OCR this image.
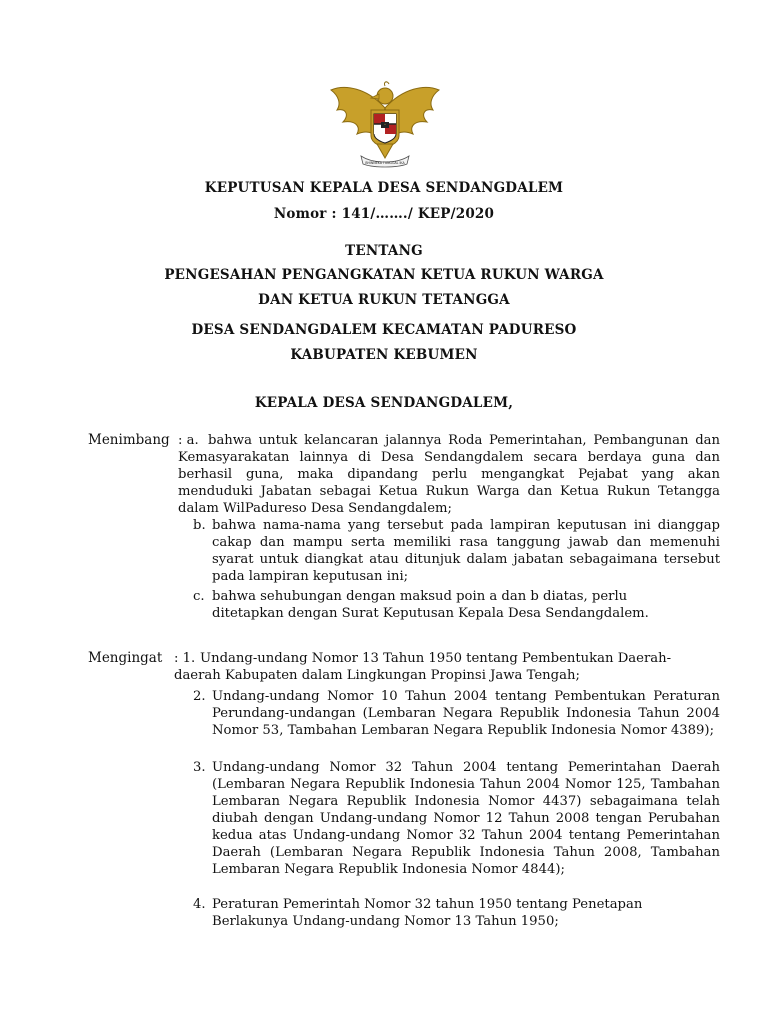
BHINNEKA TUNGGAL IKA
KEPUTUSAN KEPALA DESA SENDANGDALEM
Nomor : 141/……./ KEP/2020
TENTANG
PENGESAHAN PENGANGKATAN KETUA RUKUN WARGA
DAN KETUA RUKUN TETANGGA
DESA SENDANGDALEM KECAMATAN PADURESO
KABUPATEN KEBUMEN
KEPALA DESA SENDANGDALEM,
Menimbang : a. bahwa untuk kelancaran jalannya Roda Pemerintahan, Pembangunan dan Kemasyarakatan lainnya di Desa Sendangdalem secara berdaya guna dan berhasil guna, maka dipandang perlu mengangkat Pejabat yang akan menduduki Jabatan sebagai Ketua Rukun Warga dan Ketua Rukun Tetangga dalam WilPadureso Desa Sendangdalem;
b. bahwa nama-nama yang tersebut pada lampiran keputusan ini dianggap cakap dan mampu serta memiliki rasa tanggung jawab dan memenuhi syarat untuk diangkat atau ditunjuk dalam jabatan sebagaimana tersebut pada lampiran keputusan ini;
c. bahwa sehubungan dengan maksud poin a dan b diatas, perlu ditetapkan dengan Surat Keputusan Kepala Desa Sendangdalem.
Mengingat : 1. Undang-undang Nomor 13 Tahun 1950 tentang Pembentukan Daerah-daerah Kabupaten dalam Lingkungan Propinsi Jawa Tengah;
2. Undang-undang Nomor 10 Tahun 2004 tentang Pembentukan Peraturan Perundang-undangan (Lembaran Negara Republik Indonesia Tahun 2004 Nomor 53, Tambahan Lembaran Negara Republik Indonesia Nomor 4389);
3. Undang-undang Nomor 32 Tahun 2004 tentang Pemerintahan Daerah (Lembaran Negara Republik Indonesia Tahun 2004 Nomor 125, Tambahan Lembaran Negara Republik Indonesia Nomor 4437) sebagaimana telah diubah dengan Undang-undang Nomor 12 Tahun 2008 tengan Perubahan kedua atas Undang-undang Nomor 32 Tahun 2004 tentang Pemerintahan Daerah (Lembaran Negara Republik Indonesia Tahun 2008, Tambahan Lembaran Negara Republik Indonesia Nomor 4844);
4. Peraturan Pemerintah Nomor 32 tahun 1950 tentang Penetapan Berlakunya Undang-undang Nomor 13 Tahun 1950;
